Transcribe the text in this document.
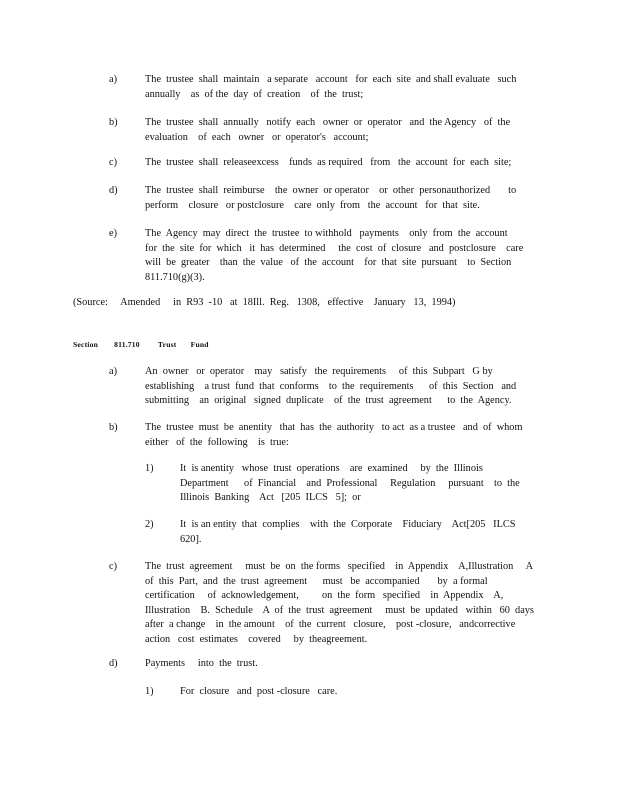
a)	The  trustee  shall  maintain   a separate   account   for  each  site  and shall evaluate   such
annually    as  of the  day  of  creation    of  the  trust;
b)	The  trustee  shall  annually   notify  each   owner  or  operator   and  the Agency   of  the
evaluation    of  each   owner   or  operator's   account;
c)	The  trustee  shall  releaseexcess    funds  as required   from   the  account  for  each  site;
d)	The  trustee  shall  reimburse    the  owner  or operator    or  other  personauthorized       to
perform    closure   or postclosure    care  only  from   the  account   for  that  site.
e)	The  Agency  may  direct  the  trustee  to withhold   payments    only  from  the  account
for  the  site  for  which   it  has  determined     the  cost  of  closure   and  postclosure    care
will  be  greater    than  the  value   of  the  account    for  that  site  pursuant    to  Section
811.710(g)(3).
(Source:     Amended     in  R93  -10   at  18Ill.  Reg.   1308,   effective    January   13,  1994)
Section 811.710 Trust Fund
a)	An  owner   or  operator    may   satisfy   the  requirements     of  this  Subpart   G by
establishing    a trust  fund  that  conforms    to  the  requirements      of  this  Section   and
submitting    an  original   signed  duplicate    of  the  trust  agreement      to  the  Agency.
b)	The  trustee  must  be  anentity   that  has  the  authority   to act  as a trustee   and  of  whom
either   of  the  following    is  true:
1)	It  is anentity   whose  trust  operations    are  examined     by  the  Illinois
Department      of  Financial    and  Professional     Regulation     pursuant    to  the
Illinois  Banking    Act   [205  ILCS   5];  or
2)	It  is an entity  that  complies    with  the  Corporate    Fiduciary    Act[205   ILCS
620].
c)	The  trust  agreement     must  be  on  the forms   specified    in  Appendix    A,Illustration     A
of  this  Part,  and  the  trust  agreement      must   be  accompanied       by  a formal
certification     of  acknowledgement,         on  the  form   specified    in  Appendix    A,
Illustration    B.  Schedule    A  of  the  trust  agreement     must  be  updated   within   60  days
after  a change    in  the amount    of  the  current   closure,    post -closure,   andcorrective
action   cost  estimates    covered     by  theagreement.
d)	Payments     into  the  trust.
1)	For  closure   and  post -closure   care.
